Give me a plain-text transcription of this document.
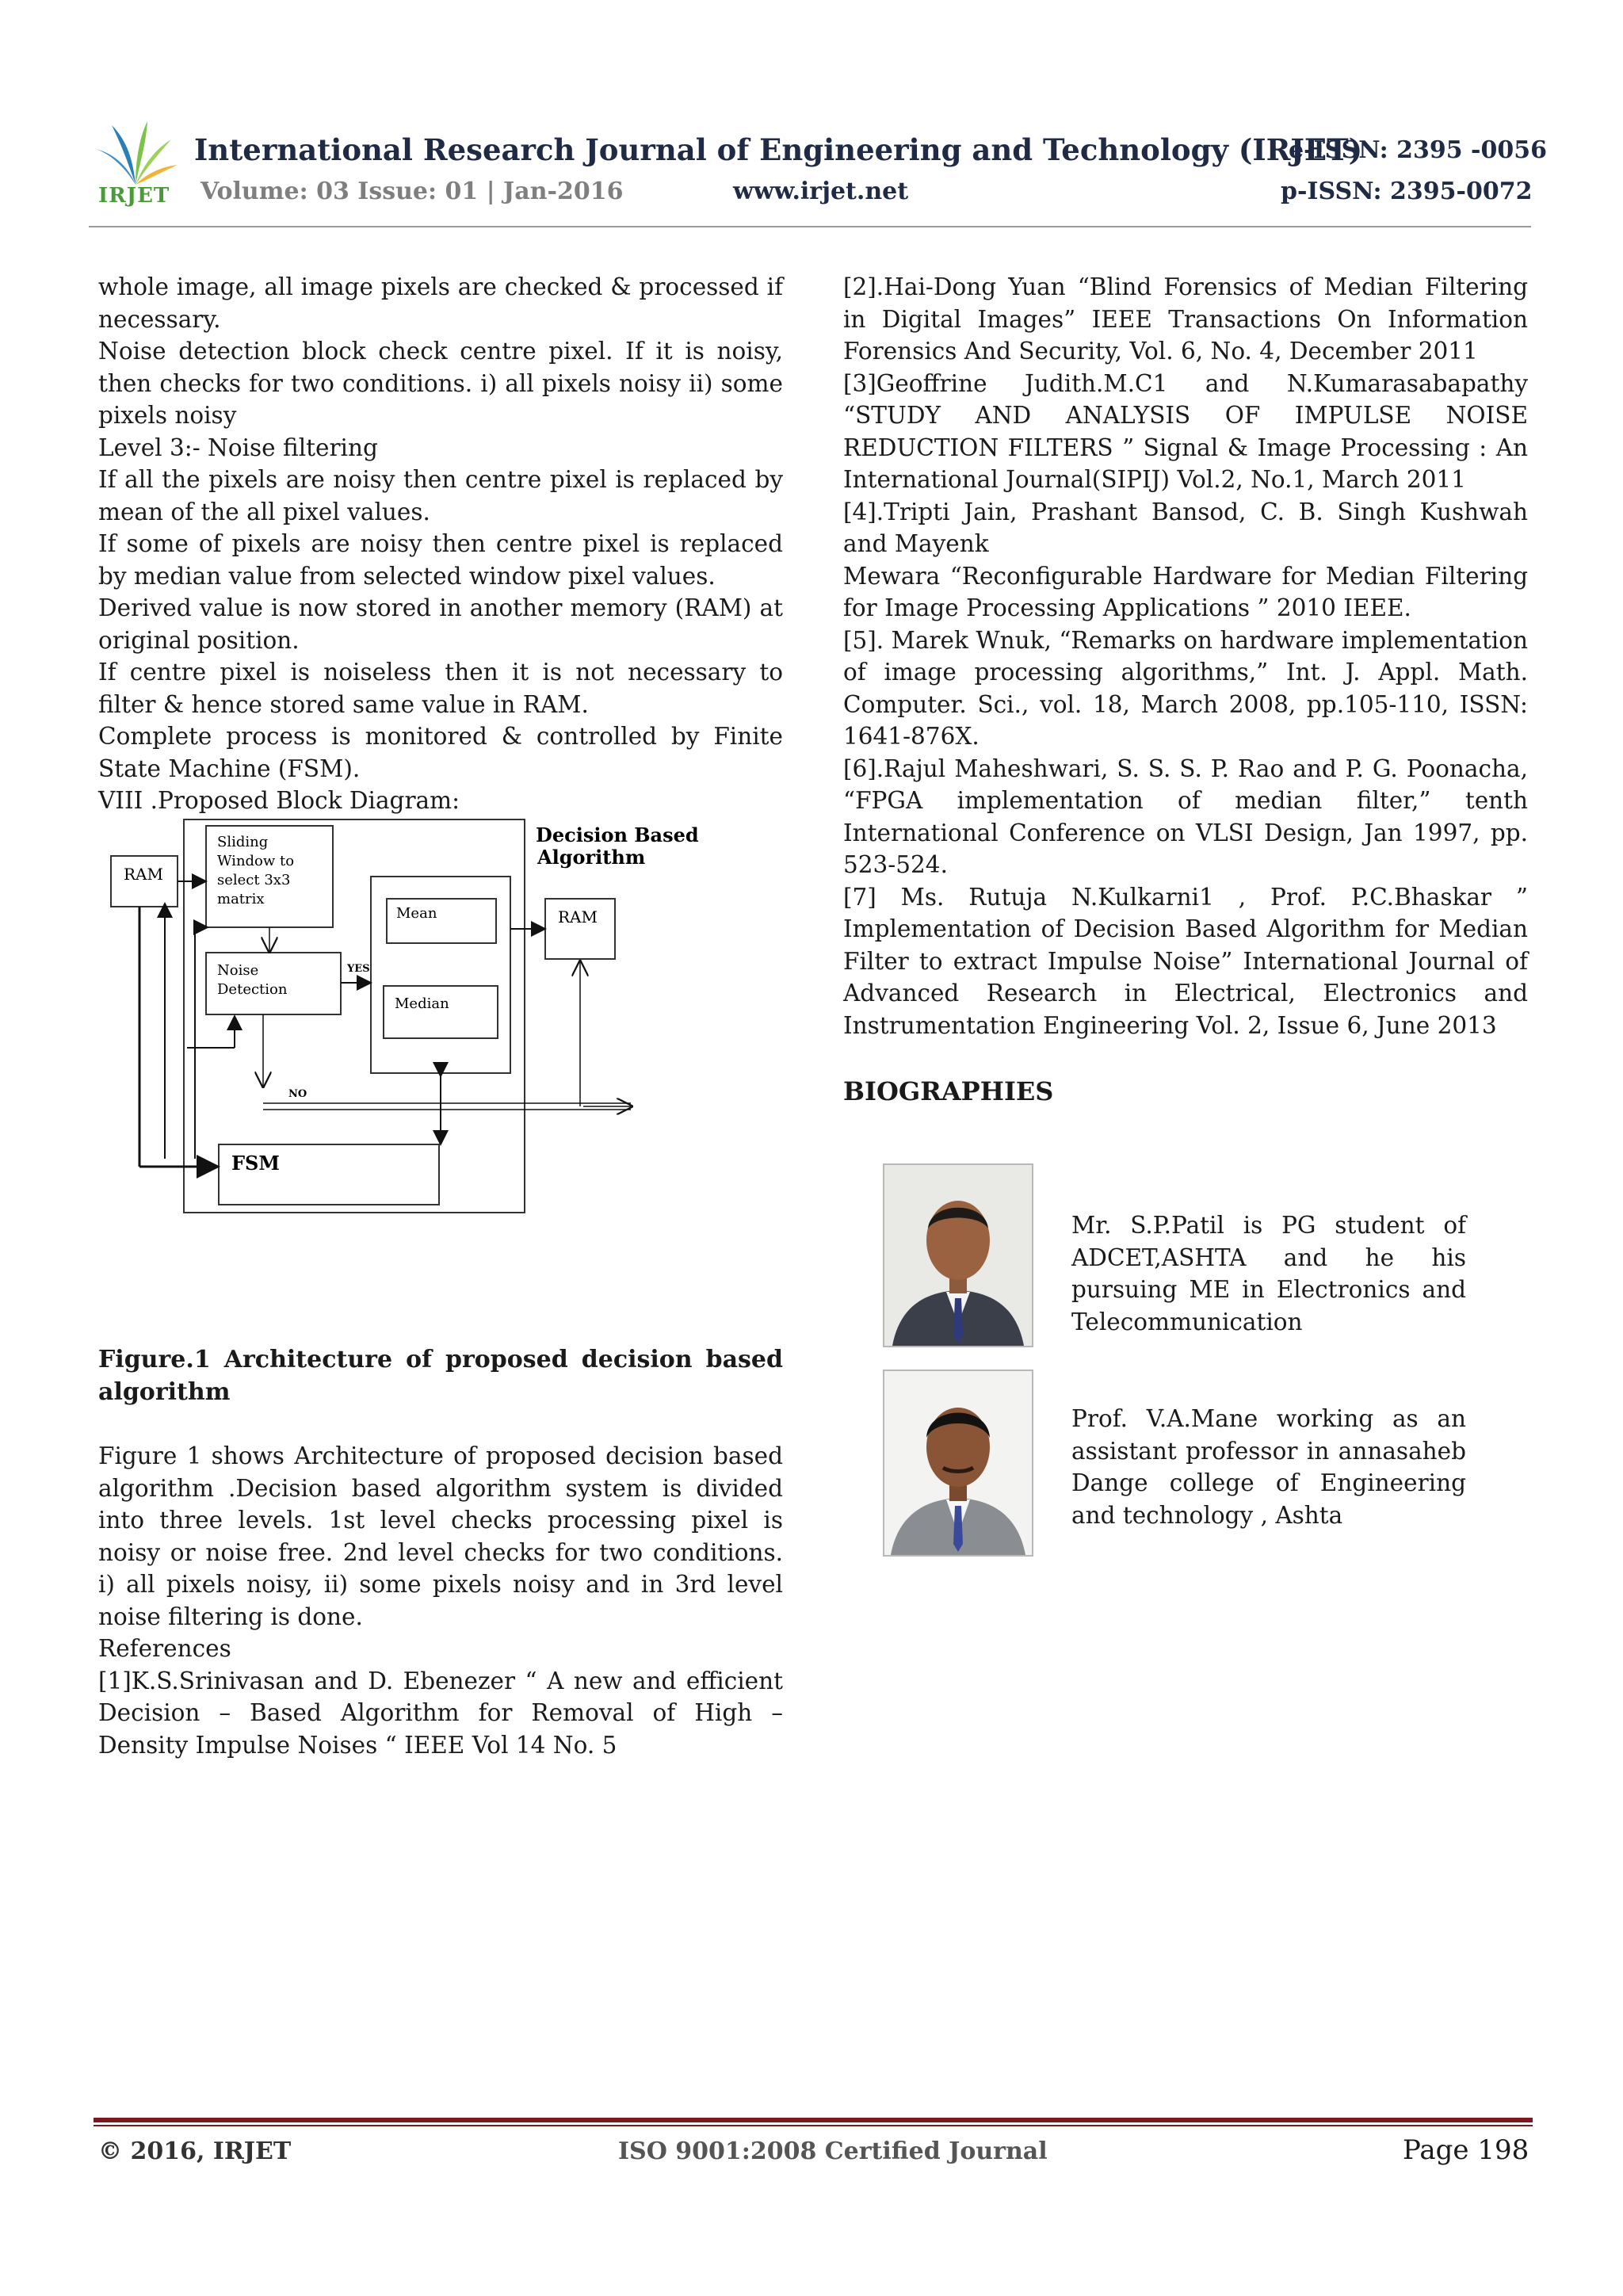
IRJET
International Research Journal of Engineering and Technology (IRJET)
e-ISSN: 2395 -0056
Volume: 03 Issue: 01 | Jan-2016	www.irjet.net	p-ISSN: 2395-0072

whole image, all image pixels are checked & processed if necessary.

Noise detection block check centre pixel. If it is noisy, then checks for two conditions. i) all pixels noisy ii) some pixels noisy

Level 3:- Noise filtering

If all the pixels are noisy then centre pixel is replaced by mean of the all pixel values.

If some of pixels are noisy then centre pixel is replaced by median value from selected window pixel values.

Derived value is now stored in another memory (RAM) at original position.

If centre pixel is noiseless then it is not necessary to filter & hence stored same value in RAM.

Complete process is monitored & controlled by Finite State Machine (FSM).

VIII .Proposed Block Diagram:

Decision Based
Algorithm
RAM
Sliding
Window to
select 3x3
matrix
Mean
Median
RAM
Noise
Detection
YES
FSM
NO
Figure.1 Architecture of proposed decision based algorithm

Figure 1 shows Architecture of proposed decision based algorithm .Decision based algorithm system is divided into three levels. 1st level checks processing pixel is noisy or noise free. 2nd level checks for two conditions. i) all pixels noisy, ii) some pixels noisy and in 3rd level noise filtering is done.

References

[1]K.S.Srinivasan and D. Ebenezer “ A new and efficient Decision – Based Algorithm for Removal of High – Density Impulse Noises “ IEEE Vol 14 No. 5

[2].Hai-Dong Yuan “Blind Forensics of Median Filtering in Digital Images” IEEE Transactions On Information Forensics And Security, Vol. 6, No. 4, December 2011

[3]Geoffrine Judith.M.C1 and N.Kumarasabapathy “STUDY AND ANALYSIS OF IMPULSE NOISE REDUCTION FILTERS ” Signal & Image Processing : An International Journal(SIPIJ) Vol.2, No.1, March 2011

[4].Tripti Jain, Prashant Bansod, C. B. Singh Kushwah and Mayenk

Mewara “Reconfigurable Hardware for Median Filtering for Image Processing Applications ” 2010 IEEE.

[5]. Marek Wnuk, “Remarks on hardware implementation of image processing algorithms,” Int. J. Appl. Math. Computer. Sci., vol. 18, March 2008, pp.105-110, ISSN: 1641-876X.

[6].Rajul Maheshwari, S. S. S. P. Rao and P. G. Poonacha, “FPGA implementation of median filter,” tenth International Conference on VLSI Design, Jan 1997, pp. 523-524.

[7] Ms. Rutuja N.Kulkarni1 , Prof. P.C.Bhaskar ” Implementation of Decision Based Algorithm for Median Filter to extract Impulse Noise” International Journal of Advanced Research in Electrical, Electronics and Instrumentation Engineering Vol. 2, Issue 6, June 2013

BIOGRAPHIES
Mr. S.P.Patil is PG student of ADCET,ASHTA and he his pursuing ME in Electronics and Telecommunication
Prof. V.A.Mane working as an assistant professor in annasaheb Dange college of Engineering and technology , Ashta
© 2016, IRJET	ISO 9001:2008 Certified Journal	Page 198
